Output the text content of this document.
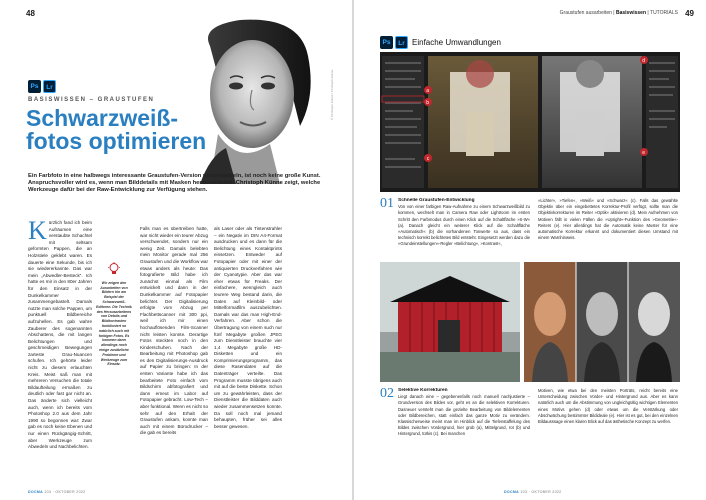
48
© Christoph Künne / Christoph Künne
Ps	Lr
BASISWISSEN – GRAUSTUFEN
Schwarzweiß-
fotos optimieren
Ein Farbfoto in eine halbwegs interessante Graustufen-Version umzuwandeln, ist noch keine große Kunst. Anspruchsvoller wird es, wenn man Bilddetails mit Masken herausarbeitet. Christoph Künne zeigt, welche Werkzeuge dafür bei der Raw-Entwicklung zur Verfügung stehen.
Kürzlich fand ich beim Aufräumen eine verstaubte Schachtel mit seltsam geformten Pappen, die an Holzstiele geklebt waren. Es dauerte eine Sekunde, bis ich sie wiedererkannte. Das war mein „Abwedler-Besteck“. Ich hatte es mir in den 80er Jahren für den Einsatz in der Dunkelkammer zusammengebastelt. Damals nutzte man solche Pappen, um punktuell Bildbereiche aufzuhellen. Es gab wahre Zauberer des sogenannten Abschattens, die mit langen Belichtungen und geschmeidigen Bewegungen zarteste Grau-Nuancen schufen. Ich gehörte leider nicht zu diesem erlauchten Kreis. Meist saß man mit mehreren Versuchen die totale Bildaufteilung ermaßen zu deutlich oder fast gar nicht an. Das änderte sich vielleicht auch, wenn ich bereits vom Photoshop 2.0 aus dem Jahr 1990 so begonnen war: Zwar gab es noch keine Ebenen und nur einen Rückgängig-Schritt, aber Werkzeuge zum Abwedeln und Nachbelichten.
Wir zeigen den Ausarbeiten von Bildern hin am Beispiel der Schwarzweiß-Editoren. Die Technik des Herausarbeitens von Details und Bildkontrasten funktioniert so natürlich auch mit farbigen Fotos. Es kommen dann allerdings noch einige zusätzliche Probleme und Werkzeuge zum Einsatz.
Falls man es übertreiben hatte, war nicht wieder ein teurer Abzug verschwendet, sondern nur ein wenig Zeit. Damals belebten mein Monitor gerade mal 256 Graustufen und die Workflow war etwas anders als heute: Das fotografierte Bild habe ich zunächst einmal als Film entwickelt und dann in der Dunkelkammer auf Fotopapier belichtet. Der Digitalisierung erfolgte vom Abzug per Flachbettscanner mit 300 ppi, weil ich mir einen hochauflösenden Film-Scanner nicht leisten konnte. Derartige Fotos steckten noch in den Kinderschuhen. Nach der Bearbeitung mit Photoshop gab es den Digitalisierungs-Ausdruck auf Papier zu bringen: In der ersten Variante habe ich das bearbeitete Foto einfach vom Bildschirm abfotografiert und dann erneut im Labor auf Fotopapier gebracht. Low-Tech – aber funktional. Wenn es nicht so sehr auf den Erhalt der Graustufen ankam, konnte man auch mit einem Bürodrucker – die gab es bereits
als Laser oder als Tintenstrahler – ein Negativ im DIN A4-Format ausdrucken und es dann für die Belichtung eines Kontaktprints einsetzen. Entweder auf Fotopapier oder mit einer der antiquierten Druckverfahren wie der Cyanotypie. Aber das war eher etwas für Freaks. Der einfachere, wenngleich auch teurere Weg bestand darin, die Daten auf Kleinbild- oder Mittelformatfilm auszubelichten. Damals war das man High-End-Verfahren. Aber schon die Übertragung von einem such nur fünf Megabyte großen JPEG zum Dienstleister brauchte vier 1,4 Megabyte große HD-Disketten und ein Komprimierungsprogramm, das diese Rasendaten auf die Datenträger verteilte. Das Programm musste übrigens auch mit auf die beste Diskette. Schon um zu gewährleisten, dass der Dienstleister die Bilddaten auch wieder zusammensetzen konnte. Da soll noch mal jemand behaupten, früher sei alles besser gewesen.
DOCMA 103 · OKTOBER 2022
Graustufen ausarbeiten | Basiswissen | TUTORIALS 49
Ps	Lr Einfache Umwandlungen
a
b
c
d
e
01 Schnelle Graustufen-Entwicklung
Von von einer farbigen Raw-Aufnahme zu einem Schwarzweißbild zu kommen, wechselt man in Camera Raw oder Lightroom im ersten Schritt den Farbmodus durch einen Klick auf die Schaltfläche »S-W« (a). Danach gleicht ein weiterer Klick auf die Schaltfläche »Automatisch« (b) die vorhandenen Tonwerte so aus, dass ein technisch korrekt belichtetes Bild entsteht. Eingesetzt werden dazu die »Grundeinstellungen«-Regler »Belichtung«, »Kontrast«,
»Lichter«, »Tiefen«, »Weiß« und »Schwarz« (c). Falls das gewählte Objektiv über ein eingebettetes Korrektur-Profil verfügt, sollte man die Objektivkorrekturen im Reiter »Optik« aktivieren (d). Mein Aufnehmen von Motiven fällt in vielen Fällen die »Upright«-Funktion des »Geometrie«-Reiters (e). Hier allerdings hat die Automatik keine Muster für eine automatische Korrektur erkannt und dokumentiert diesen Umstand mit einem Warnhinweis.
02 Selektive Korrekturen
Liegt danach eine – gegebenenfalls noch manuell nachjustierte – Grundversion des Bildes vor, geht es an die selektiven Korrekturen. Dasneuer versteht man die gezielte Bearbeitung von Bildelementen oder Bildbereichen, statt einfach das ganze Motiv zu verändern. Klassischerweise meint man im Hinblick auf die Tiefenstaffelung des Bildes zwischen Vordergrund, hier grob (a), Mittelgrund, rot (b) und Hintergrund, türkis (c). Bei manchen
Motiven, wie etwa bei den meisten Porträts, reicht bereits eine Unterscheidung zwischen Vorder- und Hintergrund aus. Aber es kann natürlich auch um die Abstimmung von ungleichgültig wichtigen Elementen eines Motivs gehen (d) oder etwas um die Verstärkung oder Abschwächung bestimmter Bildideale (e). Hier ist es gut, bei den einzelnen Bildausssage einen klaren Blick auf das ästhetische Konzept zu werfen.
DOCMA 103 · OKTOBER 2022
